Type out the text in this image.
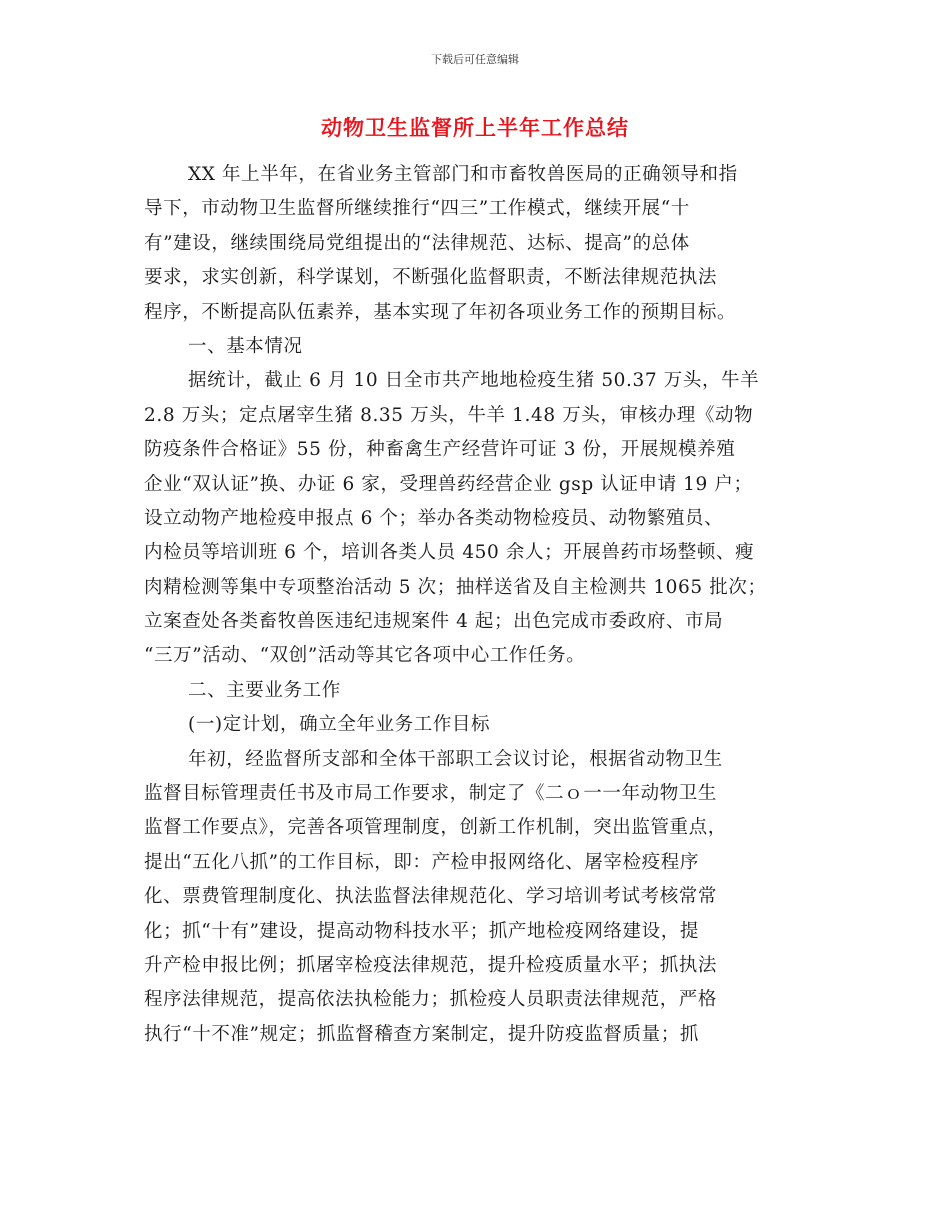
下载后可任意编辑
动物卫生监督所上半年工作总结
XX 年上半年，在省业务主管部门和市畜牧兽医局的正确领导和指
导下，市动物卫生监督所继续推行“四三”工作模式，继续开展“十
有”建设，继续围绕局党组提出的“法律规范、达标、提高”的总体
要求，求实创新，科学谋划，不断强化监督职责，不断法律规范执法
程序，不断提高队伍素养，基本实现了年初各项业务工作的预期目标。
一、基本情况
据统计，截止 6 月 10 日全市共产地地检疫生猪 50.37 万头，牛羊
2.8 万头；定点屠宰生猪 8.35 万头，牛羊 1.48 万头，审核办理《动物
防疫条件合格证》55 份，种畜禽生产经营许可证 3 份，开展规模养殖
企业“双认证”换、办证 6 家，受理兽药经营企业 gsp 认证申请 19 户；
设立动物产地检疫申报点 6 个；举办各类动物检疫员、动物繁殖员、
内检员等培训班 6 个，培训各类人员 450 余人；开展兽药市场整顿、瘦
肉精检测等集中专项整治活动 5 次；抽样送省及自主检测共 1065 批次；
立案查处各类畜牧兽医违纪违规案件 4 起；出色完成市委政府、市局
“三万”活动、“双创”活动等其它各项中心工作任务。
二、主要业务工作
(一)定计划，确立全年业务工作目标
年初，经监督所支部和全体干部职工会议讨论，根据省动物卫生
监督目标管理责任书及市局工作要求，制定了《二ｏ一一年动物卫生
监督工作要点》，完善各项管理制度，创新工作机制，突出监管重点，
提出“五化八抓”的工作目标，即：产检申报网络化、屠宰检疫程序
化、票费管理制度化、执法监督法律规范化、学习培训考试考核常常
化；抓“十有”建设，提高动物科技水平；抓产地检疫网络建设，提
升产检申报比例；抓屠宰检疫法律规范，提升检疫质量水平；抓执法
程序法律规范，提高依法执检能力；抓检疫人员职责法律规范，严格
执行“十不准”规定；抓监督稽查方案制定，提升防疫监督质量；抓
